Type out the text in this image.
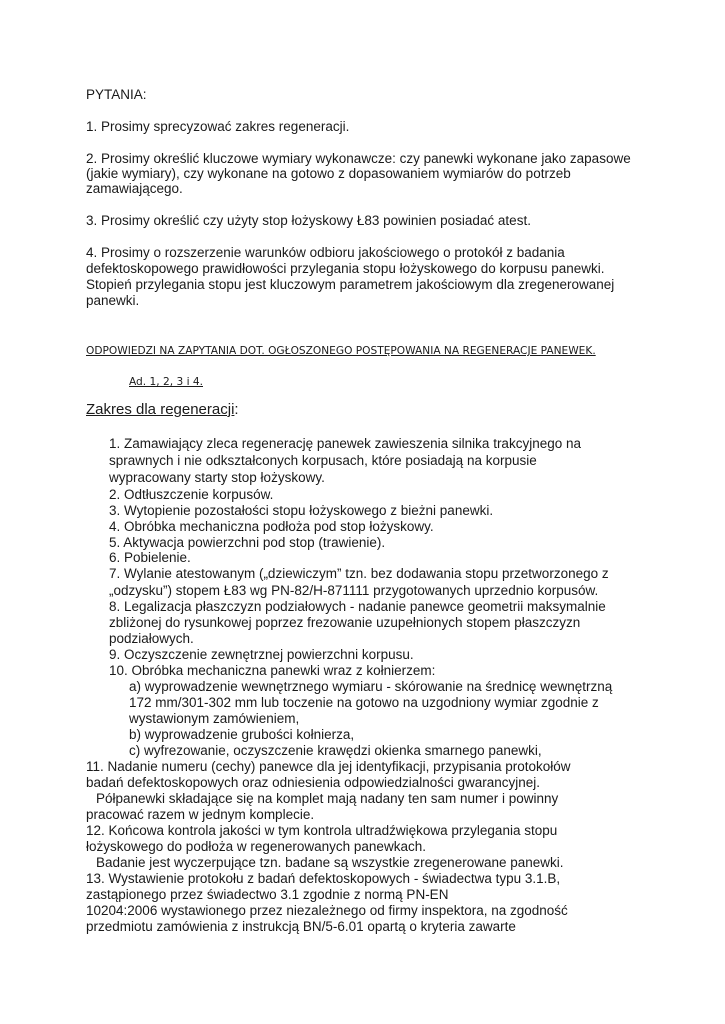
PYTANIA:

1. Prosimy sprecyzować zakres regeneracji.

2. Prosimy określić kluczowe wymiary wykonawcze: czy panewki wykonane jako zapasowe

(jakie wymiary), czy wykonane na gotowo z dopasowaniem wymiarów do potrzeb

zamawiającego.

3. Prosimy określić czy użyty stop łożyskowy Ł83 powinien posiadać atest.

4. Prosimy o rozszerzenie warunków odbioru jakościowego o protokół z badania

defektoskopowego prawidłowości przylegania stopu łożyskowego do korpusu panewki.

Stopień przylegania stopu jest kluczowym parametrem jakościowym dla zregenerowanej

panewki.

ODPOWIEDZI NA ZAPYTANIA DOT. OGŁOSZONEGO POSTĘPOWANIA NA REGENERACJE PANEWEK.

Ad. 1, 2, 3 i 4.

Zakres dla regeneracji:

1. Zamawiający zleca regenerację panewek zawieszenia silnika trakcyjnego na

sprawnych i nie odkształconych korpusach, które posiadają na korpusie

wypracowany starty stop łożyskowy.

2. Odtłuszczenie korpusów.

3. Wytopienie pozostałości stopu łożyskowego z bieżni panewki.

4. Obróbka mechaniczna podłoża pod stop łożyskowy.

5. Aktywacja powierzchni pod stop (trawienie).

6. Pobielenie.

7. Wylanie atestowanym („dziewiczym” tzn. bez dodawania stopu przetworzonego z

„odzysku”) stopem Ł83 wg PN-82/H-871111 przygotowanych uprzednio korpusów.

8. Legalizacja płaszczyzn podziałowych - nadanie panewce geometrii maksymalnie

zbliżonej do rysunkowej poprzez frezowanie uzupełnionych stopem płaszczyzn

podziałowych.

9. Oczyszczenie zewnętrznej powierzchni korpusu.

10. Obróbka mechaniczna panewki wraz z kołnierzem:

a) wyprowadzenie wewnętrznego wymiaru - skórowanie na średnicę wewnętrzną

172 mm/301-302 mm lub toczenie na gotowo na uzgodniony wymiar zgodnie z

wystawionym zamówieniem,

b) wyprowadzenie grubości kołnierza,

c) wyfrezowanie, oczyszczenie krawędzi okienka smarnego panewki,

11. Nadanie numeru (cechy) panewce dla jej identyfikacji, przypisania protokołów

badań defektoskopowych oraz odniesienia odpowiedzialności gwarancyjnej.

Półpanewki składające się na komplet mają nadany ten sam numer i powinny

pracować razem w jednym komplecie.

12. Końcowa kontrola jakości w tym kontrola ultradźwiękowa przylegania stopu

łożyskowego do podłoża w regenerowanych panewkach.

Badanie jest wyczerpujące tzn. badane są wszystkie zregenerowane panewki.

13. Wystawienie protokołu z badań defektoskopowych - świadectwa typu 3.1.B,

zastąpionego przez świadectwo 3.1 zgodnie z normą PN-EN

10204:2006 wystawionego przez niezależnego od firmy inspektora, na zgodność

przedmiotu zamówienia z instrukcją BN/5-6.01 opartą o kryteria zawarte
